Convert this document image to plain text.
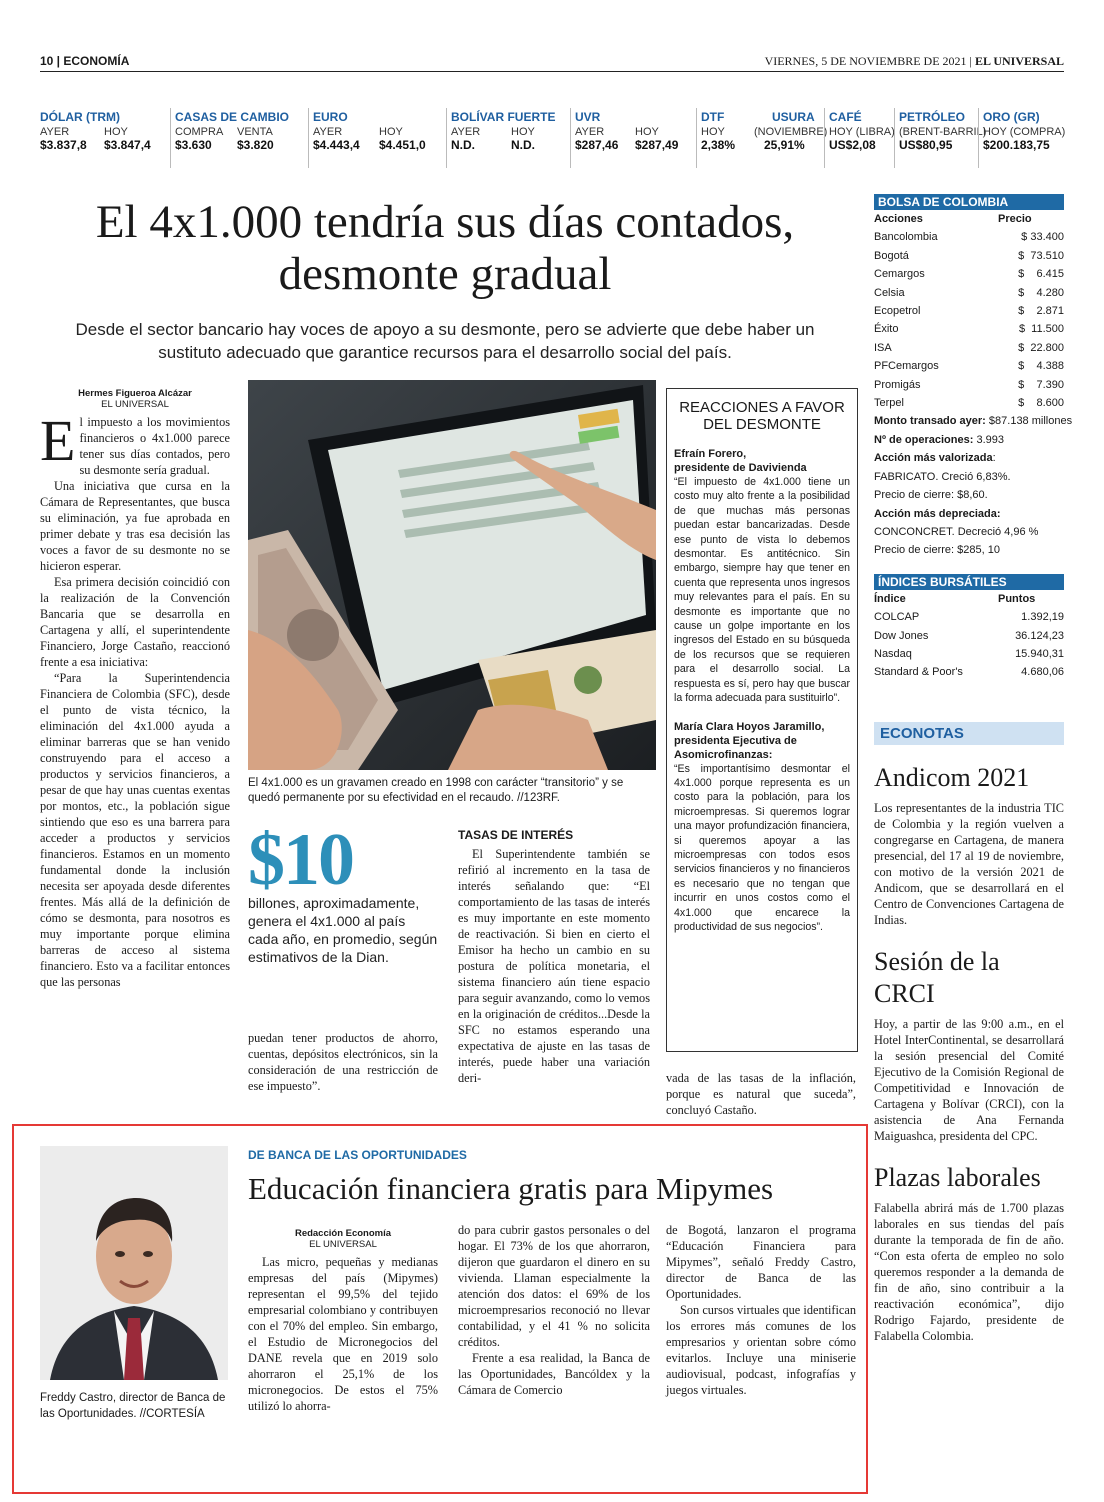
10 | ECONOMÍA	VIERNES, 5 DE NOVIEMBRE DE 2021 | EL UNIVERSAL
DÓLAR (TRM)
AYER	HOY
$3.837,8	$3.847,4
CASAS DE CAMBIO
COMPRA	VENTA
$3.630	$3.820
EURO
AYER	HOY
$4.443,4	$4.451,0
BOLÍVAR FUERTE
AYER	HOY
N.D.	N.D.
UVR
AYER	HOY
$287,46	$287,49
DTF
HOY
2,38%
USURA
(NOVIEMBRE)
25,91%
CAFÉ
HOY (LIBRA)
US$2,08
PETRÓLEO
(BRENT-BARRIL)
US$80,95
ORO (GR)
HOY (COMPRA)
$200.183,75
El 4x1.000 tendría sus días contados, desmonte gradual
Desde el sector bancario hay voces de apoyo a su desmonte, pero se advierte que debe haber un sustituto adecuado que garantice recursos para el desarrollo social del país.
Hermes Figueroa Alcázar
EL UNIVERSAL

El impuesto a los movimientos financieros o 4x1.000 parece tener sus días contados, pero su desmonte sería gradual.

Una iniciativa que cursa en la Cámara de Representantes, que busca su eliminación, ya fue aprobada en primer debate y tras esa decisión las voces a favor de su desmonte no se hicieron esperar.

Esa primera decisión coincidió con la realización de la Convención Bancaria que se desarrolla en Cartagena y allí, el superintendente Financiero, Jorge Castaño, reaccionó frente a esa iniciativa:

“Para la Superintendencia Financiera de Colombia (SFC), desde el punto de vista técnico, la eliminación del 4x1.000 ayuda a eliminar barreras que se han venido construyendo para el acceso a productos y servicios financieros, a pesar de que hay unas cuentas exentas por montos, etc., la población sigue sintiendo que eso es una barrera para acceder a productos y servicios financieros. Estamos en un momento fundamental donde la inclusión necesita ser apoyada desde diferentes frentes. Más allá de la definición de cómo se desmonta, para nosotros es muy importante porque elimina barreras de acceso al sistema financiero. Esto va a facilitar entonces que las personas

El 4x1.000 es un gravamen creado en 1998 con carácter “transitorio” y se quedó permanente por su efectividad en el recaudo. //123RF.
$10
billones, aproximadamente, genera el 4x1.000 al país cada año, en promedio, según estimativos de la Dian.

puedan tener productos de ahorro, cuentas, depósitos electrónicos, sin la consideración de una restricción de ese impuesto”.

TASAS DE INTERÉS

El Superintendente también se refirió al incremento en la tasa de interés señalando que: “El comportamiento de las tasas de interés es muy importante en este momento de reactivación. Si bien en cierto el Emisor ha hecho un cambio en su postura de política monetaria, el sistema financiero aún tiene espacio para seguir avanzando, como lo vemos en la originación de créditos...Desde la SFC no estamos esperando una expectativa de ajuste en las tasas de interés, puede haber una variación deri-	vada de las tasas de la inflación, porque es natural que suceda”, concluyó Castaño.

REACCIONES A FAVOR DEL DESMONTE
Efraín Forero,
presidente de Davivienda
“El impuesto de 4x1.000 tiene un costo muy alto frente a la posibilidad de que muchas más personas puedan estar bancarizadas. Desde ese punto de vista lo debemos desmontar. Es antitécnico. Sin embargo, siempre hay que tener en cuenta que representa unos ingresos muy relevantes para el país. En su desmonte es importante que no cause un golpe importante en los ingresos del Estado en su búsqueda de los recursos que se requieren para el desarrollo social. La respuesta es sí, pero hay que buscar la forma adecuada para sustituirlo”.
María Clara Hoyos Jaramillo,
presidenta Ejecutiva de Asomicrofinanzas:
“Es importantísimo desmontar el 4x1.000 porque representa es un costo para la población, para los microempresas. Si queremos lograr una mayor profundización financiera, si queremos apoyar a las microempresas con todos esos servicios financieros y no financieros es necesario que no tengan que incurrir en unos costos como el 4x1.000 que encarece la productividad de sus negocios”.
BOLSA DE COLOMBIA
Acciones	Precio
Bancolombia	$ 33.400
Bogotá	$  73.510
Cemargos	$    6.415
Celsia	$    4.280
Ecopetrol	$    2.871
Éxito	$  11.500
ISA	$  22.800
PFCemargos	$    4.388
Promigás	$    7.390
Terpel	$    8.600
Monto transado ayer: $87.138 millones
Nº de operaciones: 3.993
Acción más valorizada:
FABRICATO. Creció 6,83%.
Precio de cierre: $8,60.
Acción más depreciada:
CONCONCRET. Decreció 4,96 %
Precio de cierre: $285, 10
ÍNDICES BURSÁTILES
Índice	Puntos
COLCAP	1.392,19
Dow Jones	36.124,23
Nasdaq	15.940,31
Standard & Poor's	4.680,06
ECONOTAS
Andicom 2021
Los representantes de la industria TIC de Colombia y la región vuelven a congregarse en Cartagena, de manera presencial, del 17 al 19 de noviembre, con motivo de la versión 2021 de Andicom, que se desarrollará en el Centro de Convenciones Cartagena de Indias.
Sesión de la CRCI
Hoy, a partir de las 9:00 a.m., en el Hotel InterContinental, se desarrollará la sesión presencial del Comité Ejecutivo de la Comisión Regional de Competitividad e Innovación de Cartagena y Bolívar (CRCI), con la asistencia de Ana Fernanda Maiguashca, presidenta del CPC.
Plazas laborales
Falabella abrirá más de 1.700 plazas laborales en sus tiendas del país durante la temporada de fin de año. “Con esta oferta de empleo no solo queremos responder a la demanda de fin de año, sino contribuir a la reactivación económica”, dijo Rodrigo Fajardo, presidente de Falabella Colombia.
Freddy Castro, director de Banca de las Oportunidades. //CORTESÍA
DE BANCA DE LAS OPORTUNIDADES
Educación financiera gratis para Mipymes
Redacción Economía
EL UNIVERSAL

Las micro, pequeñas y medianas empresas del país (Mipymes) representan el 99,5% del tejido empresarial colombiano y contribuyen con el 70% del empleo. Sin embargo, el Estudio de Micronegocios del DANE revela que en 2019 solo ahorraron el 25,1% de los micronegocios. De estos el 75% utilizó lo ahorra-

do para cubrir gastos personales o del hogar. El 73% de los que ahorraron, dijeron que guardaron el dinero en su vivienda. Llaman especialmente la atención dos datos: el 69% de los microempresarios reconoció no llevar contabilidad, y el 41 % no solicita créditos.

Frente a esa realidad, la Banca de las Oportunidades, Bancóldex y la Cámara de Comercio

de Bogotá, lanzaron el programa “Educación Financiera para Mipymes”, señaló Freddy Castro, director de Banca de las Oportunidades.

Son cursos virtuales que identifican los errores más comunes de los empresarios y orientan sobre cómo evitarlos. Incluye una miniserie audiovisual, podcast, infografías y juegos virtuales.
